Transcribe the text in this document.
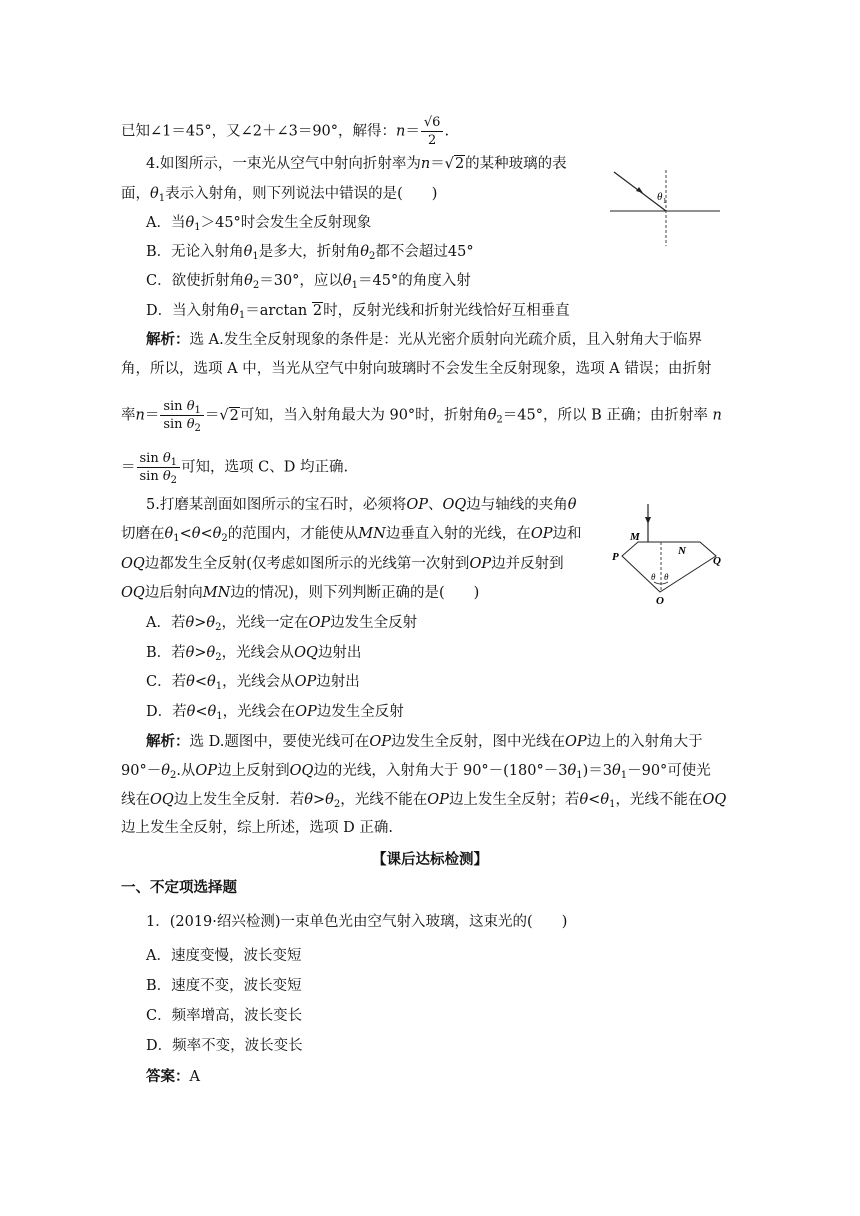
已知∠1＝45°，又∠2＋∠3＝90°，解得：$n= \frac{√6}{2}$ .
4.如图所示，一束光从空气中射向折射率为n＝√2的某种玻璃的表
面，$\theta_1$表示入射角，则下列说法中错误的是(　　)
A．当$\theta_1>45^\circ$时会发生全反射现象
B．无论入射角$\theta_1$是多大，折射角$\theta_2$都不会超过45°
C．欲使折射角$\theta_2=30^\circ$，应以$\theta_1=45^\circ$的角度入射
D．当入射角$\theta_1=\arctan$ 2时，反射光线和折射光线恰好互相垂直
θ 1
解析：选 A.发生全反射现象的条件是：光从光密介质射向光疏介质，且入射角大于临界
角，所以，选项 A 中，当光从空气中射向玻璃时不会发生全反射现象，选项 A 错误；由折射
率$n= \frac{\sin \theta_1}{\sin \theta_2} =√2$可知，当入射角最大为 90°时，折射角$\theta_2=45^\circ$，所以 B 正确；由折射率 n
＝ $\frac{\sin \theta_1}{\sin \theta_2}$ 可知，选项 C、D 均正确.
5.打磨某剖面如图所示的宝石时，必须将OP、OQ边与轴线的夹角θ
切磨在$\theta_1<\theta<\theta_2$的范围内，才能使从MN边垂直入射的光线，在OP边和
OQ边都发生全反射(仅考虑如图所示的光线第一次射到OP边并反射到
OQ边后射向MN边的情况)，则下列判断正确的是(　　)
A．若$\theta>\theta_2$，光线一定在OP边发生全反射
B．若$\theta>\theta_2$，光线会从OQ边射出
C．若$\theta<\theta_1$，光线会从OP边射出
D．若$\theta<\theta_1$，光线会在OP边发生全反射
M
N
P	Q
O
θ θ
解析：选 D.题图中，要使光线可在OP边发生全反射，图中光线在OP边上的入射角大于
$90^\circ-\theta_2$.从OP边上反射到OQ边的光线，入射角大于 $90^\circ-(180^\circ-3\theta_1)=3\theta_1-90^\circ$可使光
线在OQ边上发生全反射．若$\theta>\theta_2$，光线不能在OP边上发生全反射；若$\theta<\theta_1$，光线不能在OQ
边上发生全反射，综上所述，选项 D 正确.
【课后达标检测】
一、不定项选择题
1．(2019·绍兴检测)一束单色光由空气射入玻璃，这束光的(　　)
A．速度变慢，波长变短
B．速度不变，波长变短
C．频率增高，波长变长
D．频率不变，波长变长
答案：A
